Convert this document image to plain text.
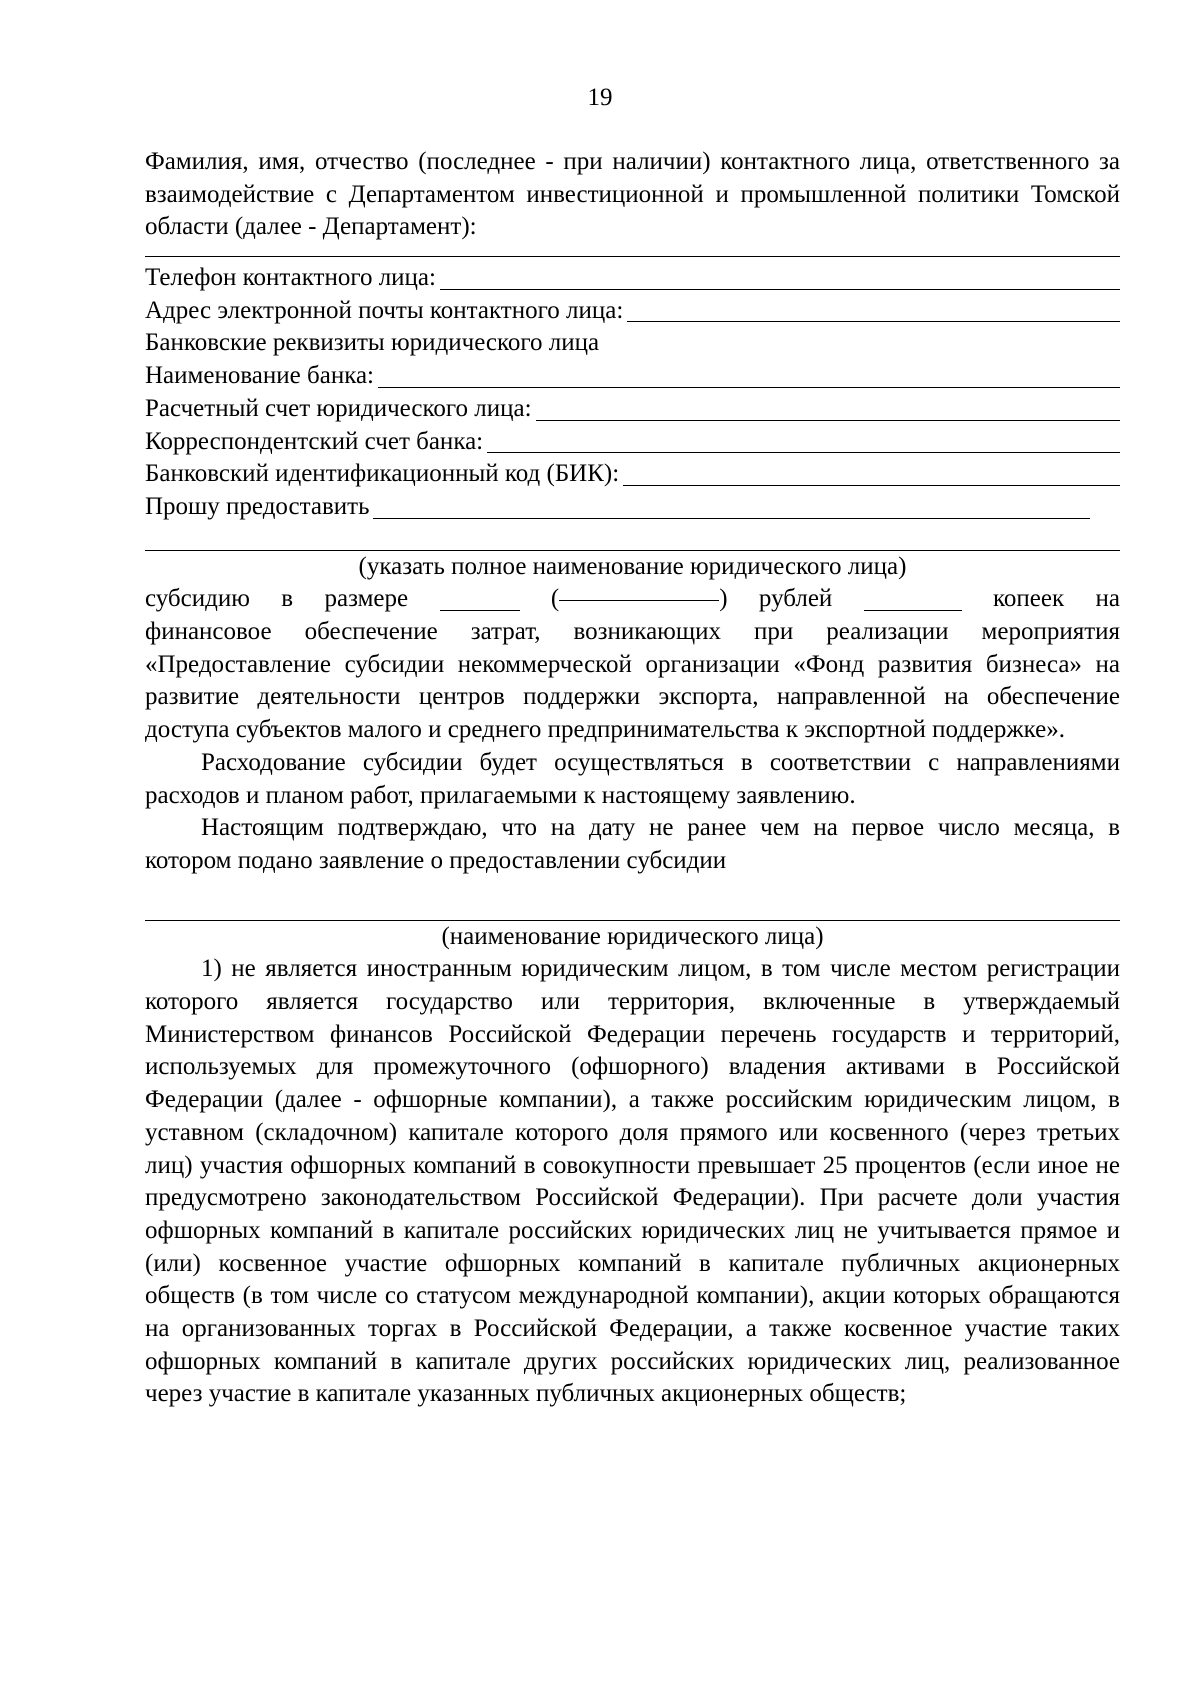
19

Фамилия, имя, отчество (последнее - при наличии) контактного лица, ответственного за взаимодействие с Департаментом инвестиционной и промышленной политики Томской области (далее - Департамент):

Телефон контактного лица:
Адрес электронной почты контактного лица:
Банковские реквизиты юридического лица
Наименование банка:
Расчетный счет юридического лица:
Корреспондентский счет банка:
Банковский идентификационный код (БИК):
Прошу предоставить

(указать полное наименование юридического лица)

субсидию в размере	(	) рублей	копеек на

финансовое обеспечение затрат, возникающих при реализации мероприятия «Предоставление субсидии некоммерческой организации «Фонд развития бизнеса» на развитие деятельности центров поддержки экспорта, направленной на обеспечение доступа субъектов малого и среднего предпринимательства к экспортной поддержке».

Расходование субсидии будет осуществляться в соответствии с направлениями расходов и планом работ, прилагаемыми к настоящему заявлению.

Настоящим подтверждаю, что на дату не ранее чем на первое число месяца, в котором подано заявление о предоставлении субсидии

(наименование юридического лица)

1) не является иностранным юридическим лицом, в том числе местом регистрации которого является государство или территория, включенные в утверждаемый Министерством финансов Российской Федерации перечень государств и территорий, используемых для промежуточного (офшорного) владения активами в Российской Федерации (далее - офшорные компании), а также российским юридическим лицом, в уставном (складочном) капитале которого доля прямого или косвенного (через третьих лиц) участия офшорных компаний в совокупности превышает 25 процентов (если иное не предусмотрено законодательством Российской Федерации). При расчете доли участия офшорных компаний в капитале российских юридических лиц не учитывается прямое и (или) косвенное участие офшорных компаний в капитале публичных акционерных обществ (в том числе со статусом международной компании), акции которых обращаются на организованных торгах в Российской Федерации, а также косвенное участие таких офшорных компаний в капитале других российских юридических лиц, реализованное через участие в капитале указанных публичных акционерных обществ;
